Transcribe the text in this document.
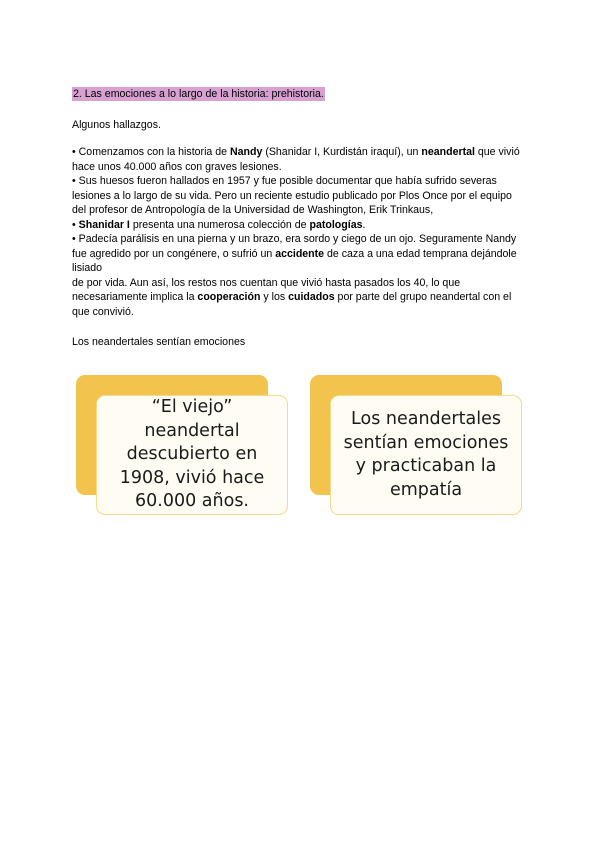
2. Las emociones a lo largo de la historia: prehistoria.

Algunos hallazgos.

• Comenzamos con la historia de Nandy (Shanidar I, Kurdistán iraquí), un neandertal que vivió hace unos 40.000 años con graves lesiones.

• Sus huesos fueron hallados en 1957 y fue posible documentar que había sufrido severas lesiones a lo largo de su vida. Pero un reciente estudio publicado por Plos Once por el equipo del profesor de Antropología de la Universidad de Washington, Erik Trinkaus,

• Shanidar I presenta una numerosa colección de patologías.

• Padecía parálisis en una pierna y un brazo, era sordo y ciego de un ojo. Seguramente Nandy fue agredido por un congénere, o sufrió un accidente de caza a una edad temprana dejándole lisiado

de por vida. Aun así, los restos nos cuentan que vivió hasta pasados los 40, lo que necesariamente implica la cooperación y los cuidados por parte del grupo neandertal con el que convivió.

Los neandertales sentían emociones

“El viejo” neandertal descubierto en 1908, vivió hace 60.000 años.
Los neandertales sentían emociones y practicaban la empatía
